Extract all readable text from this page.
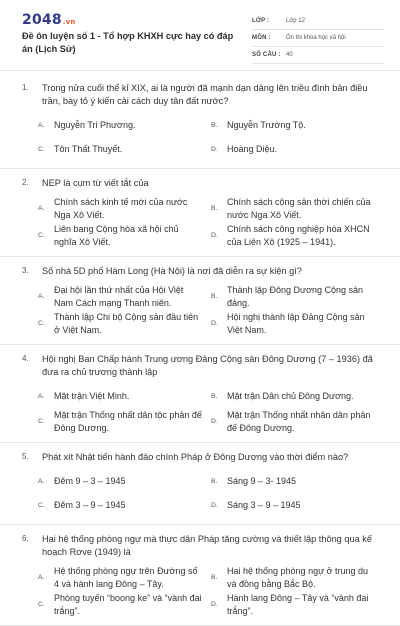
2048.vn
Đề ôn luyện số 1 - Tổ hợp KHXH cực hay có đáp án (Lịch Sử)
LỚP :	Lớp 12
MÔN :	Ôn thi khoa học xã hội
SỐ CÂU : 40
1. Trong nửa cuối thế kỉ XIX, ai là người đã mạnh dạn dâng lên triều đình bản điều trần, bày tỏ ý kiến cải cách duy tân đất nước?
A.	Nguyễn Tri Phương.	B.	Nguyễn Trường Tộ.
C.	Tôn Thất Thuyết.	D.	Hoàng Diệu.
2. NEP là cụm từ viết tắt của
A.
Chính sách kinh tế mới của nước Nga Xô Viết.
B.
Chính sách cộng sản thời chiến của nước Nga Xô Viết.
C.
Liên bang Cộng hòa xã hội chủ nghĩa Xô Viết.
D.
Chính sách công nghiệp hóa XHCN của Liên Xô (1925 – 1941).
3. Số nhà 5D phố Hàm Long (Hà Nội) là nơi đã diễn ra sự kiện gì?
A.
Đại hội lần thứ nhất của Hội Việt Nam Cách mạng Thanh niên.
B.
Thành lập Đông Dương Cộng sản đảng.
C.
Thành lập Chi bộ Cộng sản đầu tiên ở Việt Nam.
D.
Hội nghị thành lập Đảng Cộng sản Việt Nam.
4. Hội nghị Ban Chấp hành Trung ương Đảng Cộng sản Đông Dương (7 – 1936) đã đưa ra chủ trương thành lập
A.	Mặt trận Việt Minh.	B.	Mặt trận Dân chủ Đông Dương.
C.
Mặt trận Thống nhất dân tộc phản đế Đông Dương.
D.
Mặt trận Thống nhất nhân dân phản đế Đông Dương.
5. Phát xít Nhật tiến hành đảo chính Pháp ở Đông Dương vào thời điểm nào?
A.	Đêm 9 – 3 – 1945	B.	Sáng 9 – 3- 1945
C.	Đêm 3 – 9 – 1945	D.	Sáng 3 – 9 – 1945
6. Hai hệ thống phòng ngự mà thực dân Pháp tăng cường và thiết lập thông qua kế hoạch Rơve (1949) là
A.
Hệ thống phòng ngự trên Đường số 4 và hành lang Đông – Tây.
B.
Hai hệ thống phòng ngự ở trung du và đồng bằng Bắc Bộ.
C.
Phòng tuyến “boong ke” và “vành đai trắng”.
D.
Hành lang Đông – Tây và “vành đai trắng”.
